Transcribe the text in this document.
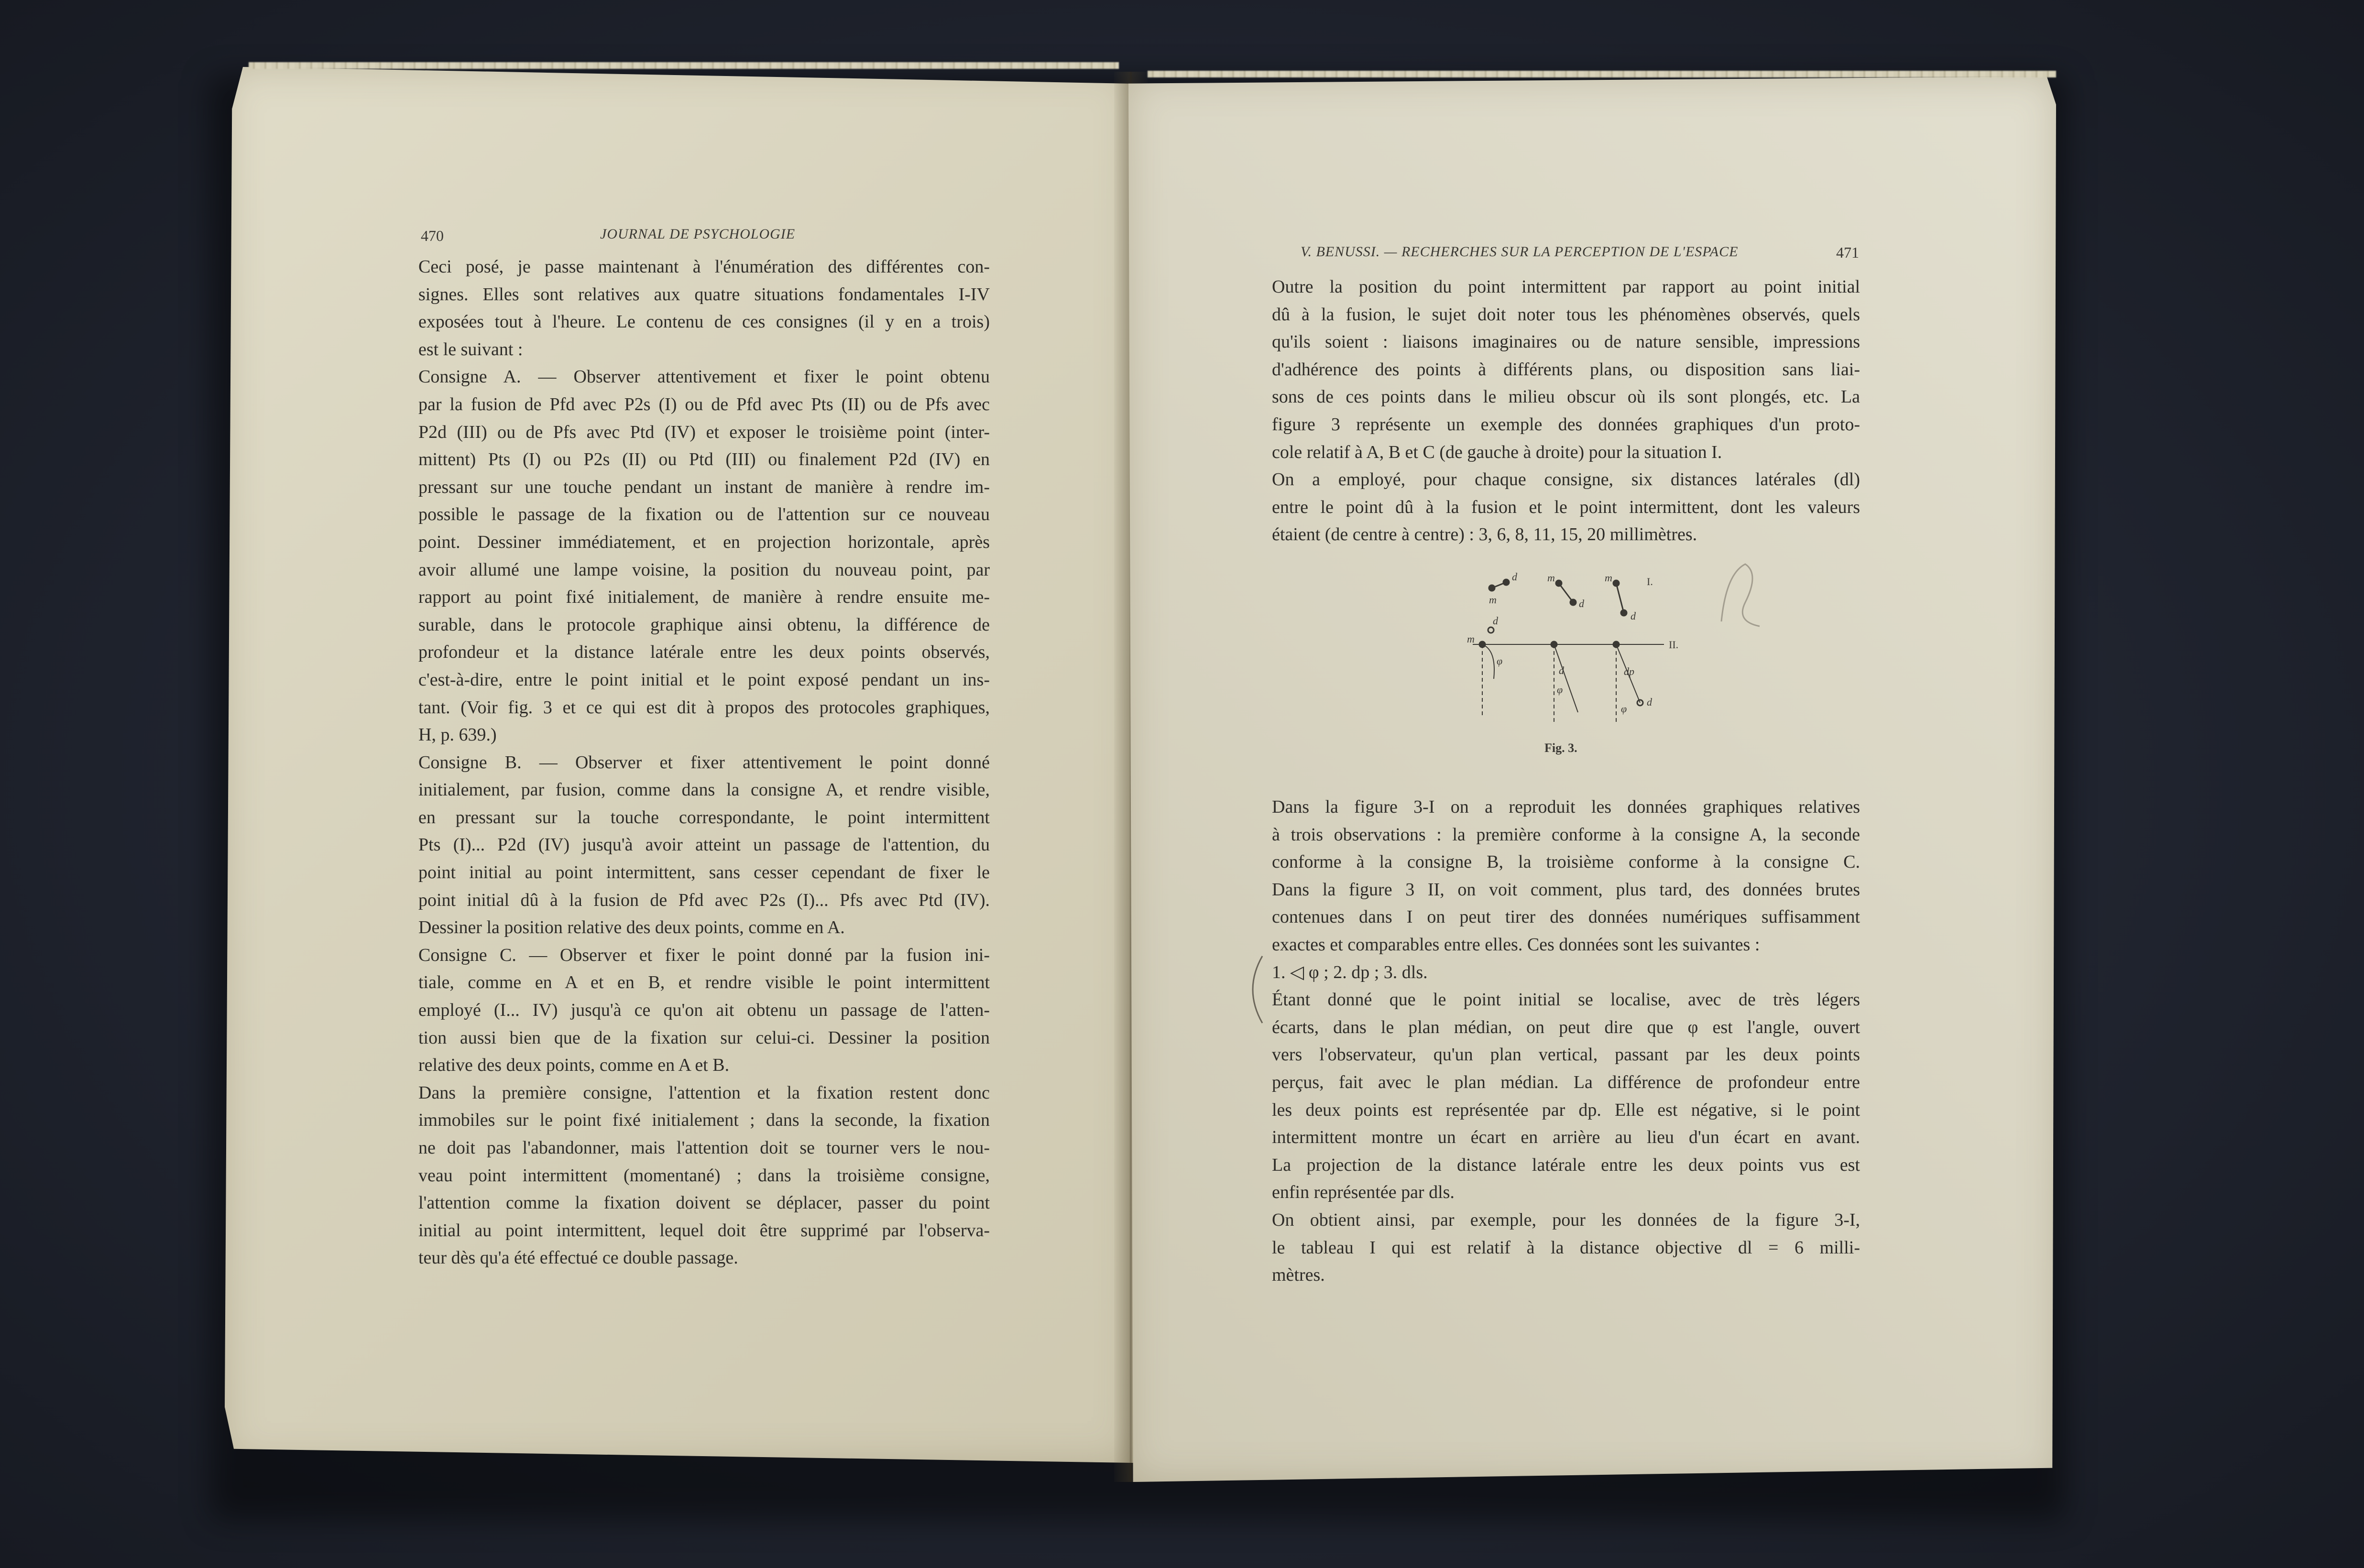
470	JOURNAL DE PSYCHOLOGIE
Ceci posé, je passe maintenant à l'énumération des différentes con-
signes. Elles sont relatives aux quatre situations fondamentales I-IV
exposées tout à l'heure. Le contenu de ces consignes (il y en a trois)
est le suivant :
Consigne A. — Observer attentivement et fixer le point obtenu
par la fusion de Pfd avec P2s (I) ou de Pfd avec Pts (II) ou de Pfs avec
P2d (III) ou de Pfs avec Ptd (IV) et exposer le troisième point (inter-
mittent) Pts (I) ou P2s (II) ou Ptd (III) ou finalement P2d (IV) en
pressant sur une touche pendant un instant de manière à rendre im-
possible le passage de la fixation ou de l'attention sur ce nouveau
point. Dessiner immédiatement, et en projection horizontale, après
avoir allumé une lampe voisine, la position du nouveau point, par
rapport au point fixé initialement, de manière à rendre ensuite me-
surable, dans le protocole graphique ainsi obtenu, la différence de
profondeur et la distance latérale entre les deux points observés,
c'est-à-dire, entre le point initial et le point exposé pendant un ins-
tant. (Voir fig. 3 et ce qui est dit à propos des protocoles graphiques,
H, p. 639.)
Consigne B. — Observer et fixer attentivement le point donné
initialement, par fusion, comme dans la consigne A, et rendre visible,
en pressant sur la touche correspondante, le point intermittent
Pts (I)... P2d (IV) jusqu'à avoir atteint un passage de l'attention, du
point initial au point intermittent, sans cesser cependant de fixer le
point initial dû à la fusion de Pfd avec P2s (I)... Pfs avec Ptd (IV).
Dessiner la position relative des deux points, comme en A.
Consigne C. — Observer et fixer le point donné par la fusion ini-
tiale, comme en A et en B, et rendre visible le point intermittent
employé (I... IV) jusqu'à ce qu'on ait obtenu un passage de l'atten-
tion aussi bien que de la fixation sur celui-ci. Dessiner la position
relative des deux points, comme en A et B.
Dans la première consigne, l'attention et la fixation restent donc
immobiles sur le point fixé initialement ; dans la seconde, la fixation
ne doit pas l'abandonner, mais l'attention doit se tourner vers le nou-
veau point intermittent (momentané) ; dans la troisième consigne,
l'attention comme la fixation doivent se déplacer, passer du point
initial au point intermittent, lequel doit être supprimé par l'observa-
teur dès qu'a été effectué ce double passage.
V. BENUSSI. — RECHERCHES SUR LA PERCEPTION DE L'ESPACE	471
Outre la position du point intermittent par rapport au point initial
dû à la fusion, le sujet doit noter tous les phénomènes observés, quels
qu'ils soient : liaisons imaginaires ou de nature sensible, impressions
d'adhérence des points à différents plans, ou disposition sans liai-
sons de ces points dans le milieu obscur où ils sont plongés, etc. La
figure 3 représente un exemple des données graphiques d'un proto-
cole relatif à A, B et C (de gauche à droite) pour la situation I.
On a employé, pour chaque consigne, six distances latérales (dl)
entre le point dû à la fusion et le point intermittent, dont les valeurs
étaient (de centre à centre) : 3, 6, 8, 11, 15, 20 millimètres.
m
d	m
d
m
d
I.
II.
φ
m
d
d
φ
dp
d
φ
Fig. 3.
Dans la figure 3-I on a reproduit les données graphiques relatives
à trois observations : la première conforme à la consigne A, la seconde
conforme à la consigne B, la troisième conforme à la consigne C.
Dans la figure 3 II, on voit comment, plus tard, des données brutes
contenues dans I on peut tirer des données numériques suffisamment
exactes et comparables entre elles. Ces données sont les suivantes :
1. ◁ φ ; 2. dp ; 3. dls.
Étant donné que le point initial se localise, avec de très légers
écarts, dans le plan médian, on peut dire que φ est l'angle, ouvert
vers l'observateur, qu'un plan vertical, passant par les deux points
perçus, fait avec le plan médian. La différence de profondeur entre
les deux points est représentée par dp. Elle est négative, si le point
intermittent montre un écart en arrière au lieu d'un écart en avant.
La projection de la distance latérale entre les deux points vus est
enfin représentée par dls.
On obtient ainsi, par exemple, pour les données de la figure 3-I,
le tableau I qui est relatif à la distance objective dl = 6 milli-
mètres.
